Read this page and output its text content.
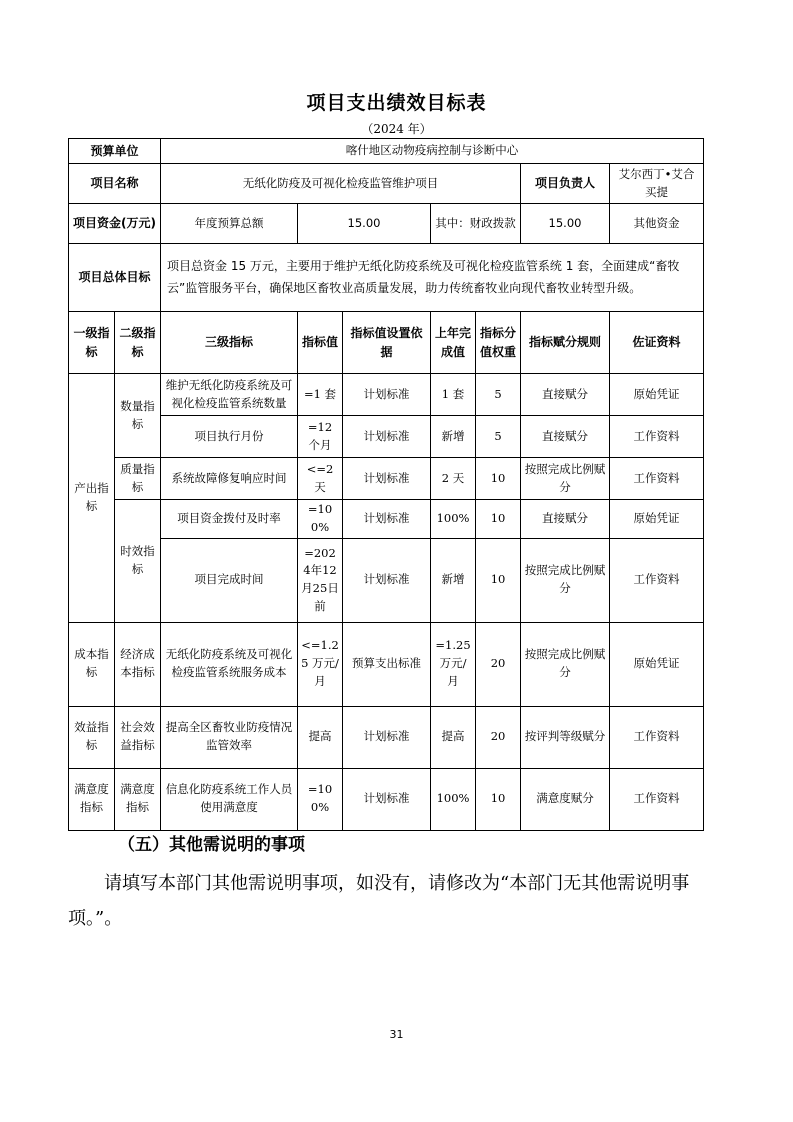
项目支出绩效目标表
（2024 年）
预算单位		喀什地区动物疫病控制与诊断中心						
项目名称		无纸化防疫及可视化检疫监管维护项目					项目负责人	艾尔西丁•艾合买提
项目资金(万元)		年度预算总额	15.00		其中：财政拨款		15.00	其他资金
项目总体目标		项目总资金 15 万元，主要用于维护无纸化防疫系统及可视化检疫监管系统 1 套，全面建成“畜牧云”监管服务平台，确保地区畜牧业高质量发展，助力传统畜牧业向现代畜牧业转型升级。						
一级指标	二级指标	三级指标	指标值	指标值设置依据	上年完成值	指标分值权重	指标赋分规则	佐证资料
产出指标	数量指标	维护无纸化防疫系统及可视化检疫监管系统数量	=1 套	计划标准	1 套	5	直接赋分	原始凭证
		项目执行月份	=12 个月	计划标准	新增	5	直接赋分	工作资料
	质量指标	系统故障修复响应时间	<=2 天	计划标准	2 天	10	按照完成比例赋分	工作资料
	时效指标	项目资金拨付及时率	=100%	计划标准	100%	10	直接赋分	原始凭证
		项目完成时间	=2024年12月25日前	计划标准	新增	10	按照完成比例赋分	工作资料
成本指标	经济成本指标	无纸化防疫系统及可视化检疫监管系统服务成本	<=1.25 万元/月	预算支出标准	=1.25 万元/月	20	按照完成比例赋分	原始凭证
效益指标	社会效益指标	提高全区畜牧业防疫情况监管效率	提高	计划标准	提高	20	按评判等级赋分	工作资料
满意度指标	满意度指标	信息化防疫系统工作人员使用满意度	=100%	计划标准	100%	10	满意度赋分	工作资料
（五）其他需说明的事项
请填写本部门其他需说明事项，如没有，请修改为“本部门无其他需说明事项。”。
31
